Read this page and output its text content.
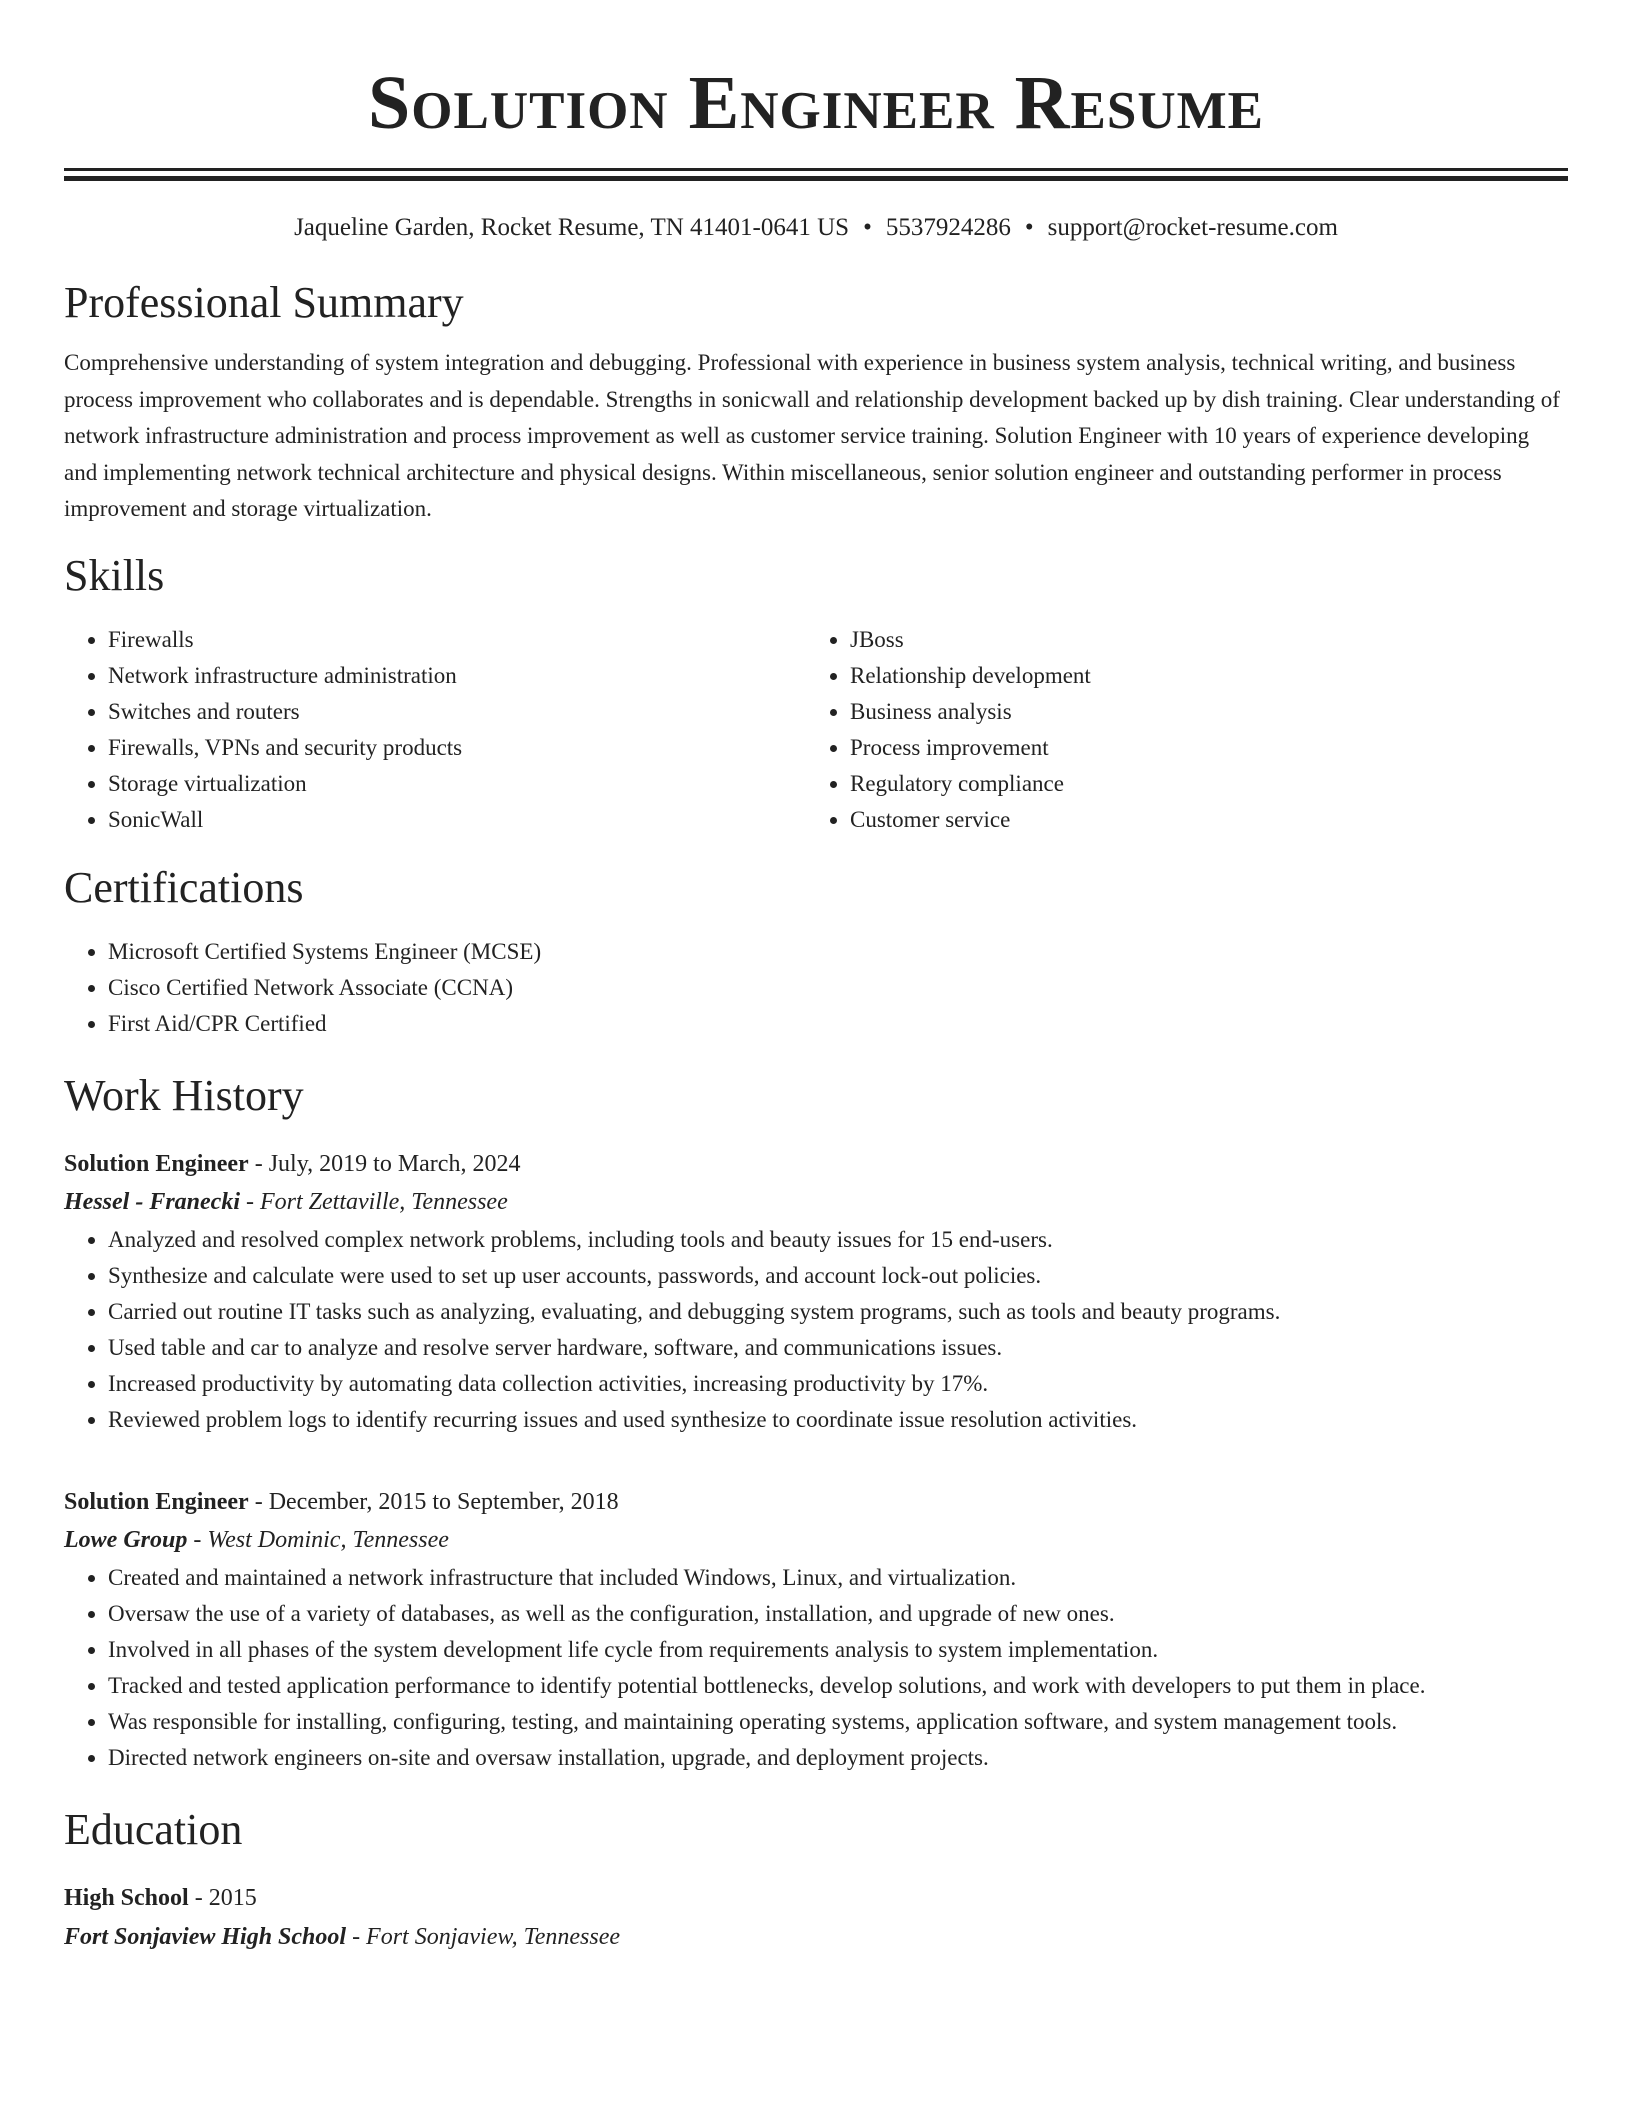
Solution Engineer Resume
Jaqueline Garden, Rocket Resume, TN 41401-0641 US • 5537924286 • support@rocket-resume.com
Professional Summary
Comprehensive understanding of system integration and debugging. Professional with experience in business system analysis, technical writing, and business process improvement who collaborates and is dependable. Strengths in sonicwall and relationship development backed up by dish training. Clear understanding of network infrastructure administration and process improvement as well as customer service training. Solution Engineer with 10 years of experience developing and implementing network technical architecture and physical designs. Within miscellaneous, senior solution engineer and outstanding performer in process improvement and storage virtualization.
Skills
• Firewalls
• Network infrastructure administration
• Switches and routers
• Firewalls, VPNs and security products
• Storage virtualization
• SonicWall
• JBoss
• Relationship development
• Business analysis
• Process improvement
• Regulatory compliance
• Customer service
Certifications
• Microsoft Certified Systems Engineer (MCSE)
• Cisco Certified Network Associate (CCNA)
• First Aid/CPR Certified
Work History
Solution Engineer - July, 2019 to March, 2024
Hessel - Franecki - Fort Zettaville, Tennessee
• Analyzed and resolved complex network problems, including tools and beauty issues for 15 end-users.
• Synthesize and calculate were used to set up user accounts, passwords, and account lock-out policies.
• Carried out routine IT tasks such as analyzing, evaluating, and debugging system programs, such as tools and beauty programs.
• Used table and car to analyze and resolve server hardware, software, and communications issues.
• Increased productivity by automating data collection activities, increasing productivity by 17%.
• Reviewed problem logs to identify recurring issues and used synthesize to coordinate issue resolution activities.
Solution Engineer - December, 2015 to September, 2018
Lowe Group - West Dominic, Tennessee
• Created and maintained a network infrastructure that included Windows, Linux, and virtualization.
• Oversaw the use of a variety of databases, as well as the configuration, installation, and upgrade of new ones.
• Involved in all phases of the system development life cycle from requirements analysis to system implementation.
• Tracked and tested application performance to identify potential bottlenecks, develop solutions, and work with developers to put them in place.
• Was responsible for installing, configuring, testing, and maintaining operating systems, application software, and system management tools.
• Directed network engineers on-site and oversaw installation, upgrade, and deployment projects.
Education
High School - 2015
Fort Sonjaview High School - Fort Sonjaview, Tennessee
